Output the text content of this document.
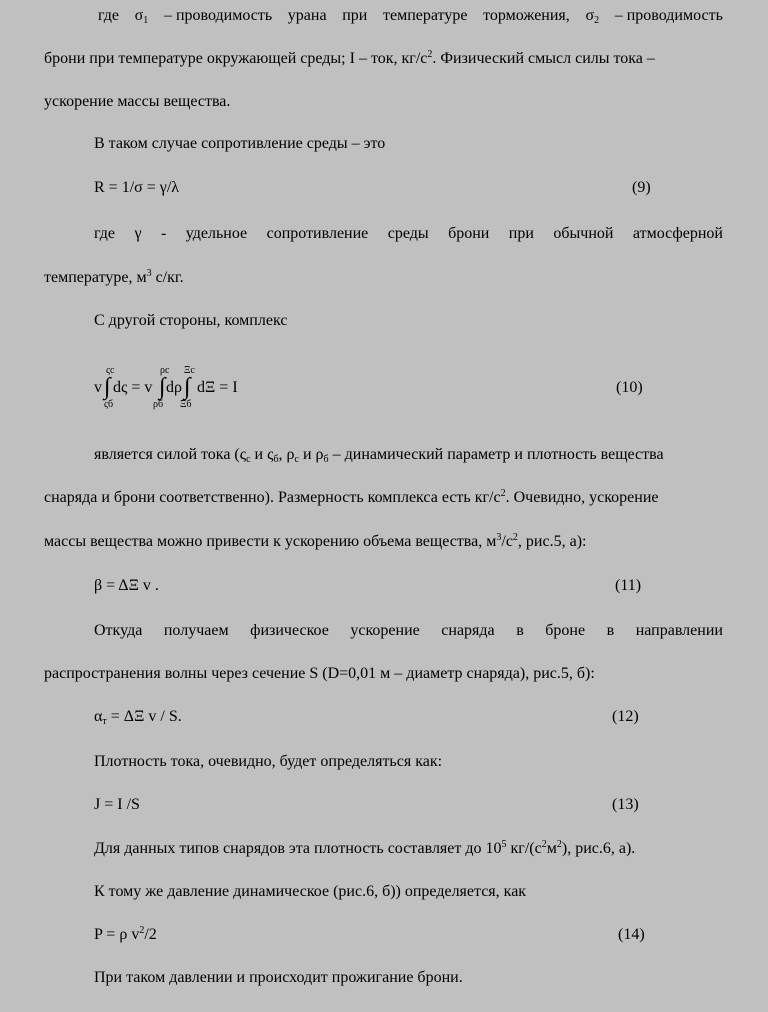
где $\sigma_1$ – проводимость урана при температуре торможения, $\sigma_2$ – проводимость
брони при температуре окружающей среды; I – ток, $кг/с^2$. Физический смысл силы тока –
ускорение массы вещества.
В таком случае сопротивление среды – это
R = 1/σ = γ/λ	(9)
где γ - удельное сопротивление среды брони при обычной атмосферной
температуре, $м^3$ с/кг.
С другой стороны, комплекс
v ∫
ςс
ςб
dς = v ∫
ρс
ρб
dρ ∫
Ξс
Ξб
dΞ = I	(10)
является силой тока ($\varsigma_с$ и $\varsigma_б$, $\rho_с$ и $\rho_б$ – динамический параметр и плотность вещества
снаряда и брони соответственно). Размерность комплекса есть $кг/с^2$. Очевидно, ускорение
массы вещества можно привести к ускорению объема вещества, $м^3/с^2$, рис.5, а):
β = ΔΞ v .	(11)
Откуда получаем физическое ускорение снаряда в броне в направлении
распространения волны через сечение S (D=0,01 м – диаметр снаряда), рис.5, б):
$\alpha_т = \Delta\Xi$ v / S.	(12)
Плотность тока, очевидно, будет определяться как:
J = I /S	(13)
Для данных типов снарядов эта плотность составляет до $10^5$ $кг/(с^2м^2)$, рис.6, а).
К тому же давление динамическое (рис.6, б)) определяется, как
P = ρ $v^2/2$	(14)
При таком давлении и происходит прожигание брони.
